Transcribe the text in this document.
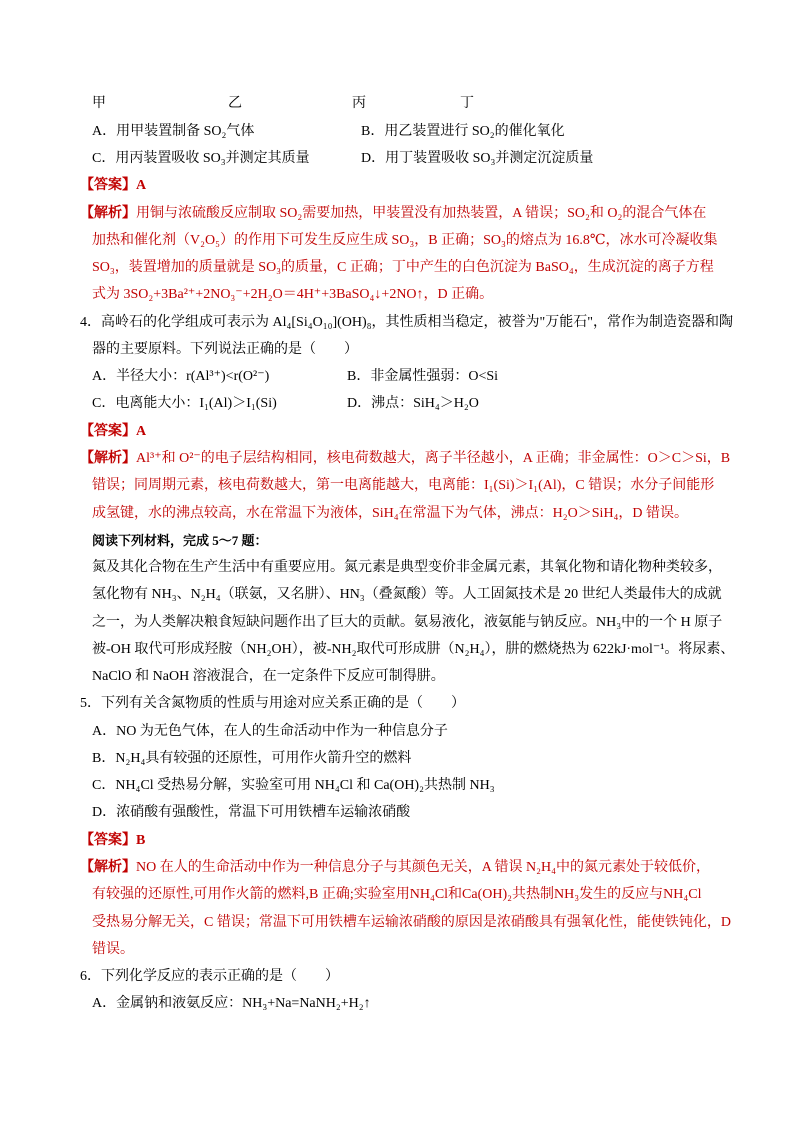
甲	乙	丙	丁
A．用甲装置制备 SO₂气体	B．用乙装置进行 SO₂的催化氧化
C．用丙装置吸收 SO₃并测定其质量	D．用丁装置吸收 SO₃并测定沉淀质量
【答案】A
【解析】用铜与浓硫酸反应制取 SO₂需要加热，甲装置没有加热装置，A 错误；SO₂和 O₂的混合气体在
加热和催化剂（V₂O₅）的作用下可发生反应生成 SO₃，B 正确；SO₃的熔点为 16.8℃，冰水可冷凝收集
SO₃，装置增加的质量就是 SO₃的质量，C 正确；丁中产生的白色沉淀为 BaSO₄，生成沉淀的离子方程
式为 3SO₂+3Ba²⁺+2NO₃⁻+2H₂O＝4H⁺+3BaSO₄↓+2NO↑，D 正确。
4．高岭石的化学组成可表示为 Al₄[Si₄O₁₀](OH)₈，其性质相当稳定，被誉为"万能石"，常作为制造瓷器和陶
器的主要原料。下列说法正确的是（　　）
A．半径大小：r(Al³⁺)<r(O²⁻)	B．非金属性强弱：O<Si
C．电离能大小：I₁(Al)＞I₁(Si)	D．沸点：SiH₄＞H₂O
【答案】A
【解析】Al³⁺和 O²⁻的电子层结构相同，核电荷数越大，离子半径越小，A 正确；非金属性：O＞C＞Si，B
错误；同周期元素，核电荷数越大，第一电离能越大，电离能：I₁(Si)＞I₁(Al)，C 错误；水分子间能形
成氢键，水的沸点较高，水在常温下为液体，SiH₄在常温下为气体，沸点：H₂O＞SiH₄，D 错误。
阅读下列材料，完成 5～7 题：
氮及其化合物在生产生活中有重要应用。氮元素是典型变价非金属元素，其氧化物和请化物种类较多，
氢化物有 NH₃、N₂H₄（联氨，又名肼）、HN₃（叠氮酸）等。人工固氮技术是 20 世纪人类最伟大的成就
之一，为人类解决粮食短缺问题作出了巨大的贡献。氨易液化，液氨能与钠反应。NH₃中的一个 H 原子
被-OH 取代可形成羟胺（NH₂OH），被-NH₂取代可形成肼（N₂H₄），肼的燃烧热为 622kJ·mol⁻¹。将尿素、
NaClO 和 NaOH 溶液混合，在一定条件下反应可制得肼。
5．下列有关含氮物质的性质与用途对应关系正确的是（　　）
A．NO 为无色气体，在人的生命活动中作为一种信息分子
B．N₂H₄具有较强的还原性，可用作火箭升空的燃料
C．NH₄Cl 受热易分解，实验室可用 NH₄Cl 和 Ca(OH)₂共热制 NH₃
D．浓硝酸有强酸性，常温下可用铁槽车运输浓硝酸
【答案】B
【解析】NO 在人的生命活动中作为一种信息分子与其颜色无关，A 错误 N₂H₄中的氮元素处于较低价，
有较强的还原性,可用作火箭的燃料,B 正确;实验室用NH₄Cl和Ca(OH)₂共热制NH₃发生的反应与NH₄Cl
受热易分解无关，C 错误；常温下可用铁槽车运输浓硝酸的原因是浓硝酸具有强氧化性，能使铁钝化，D
错误。
6．下列化学反应的表示正确的是（　　）
A．金属钠和液氨反应：NH₃+Na=NaNH₂+H₂↑
